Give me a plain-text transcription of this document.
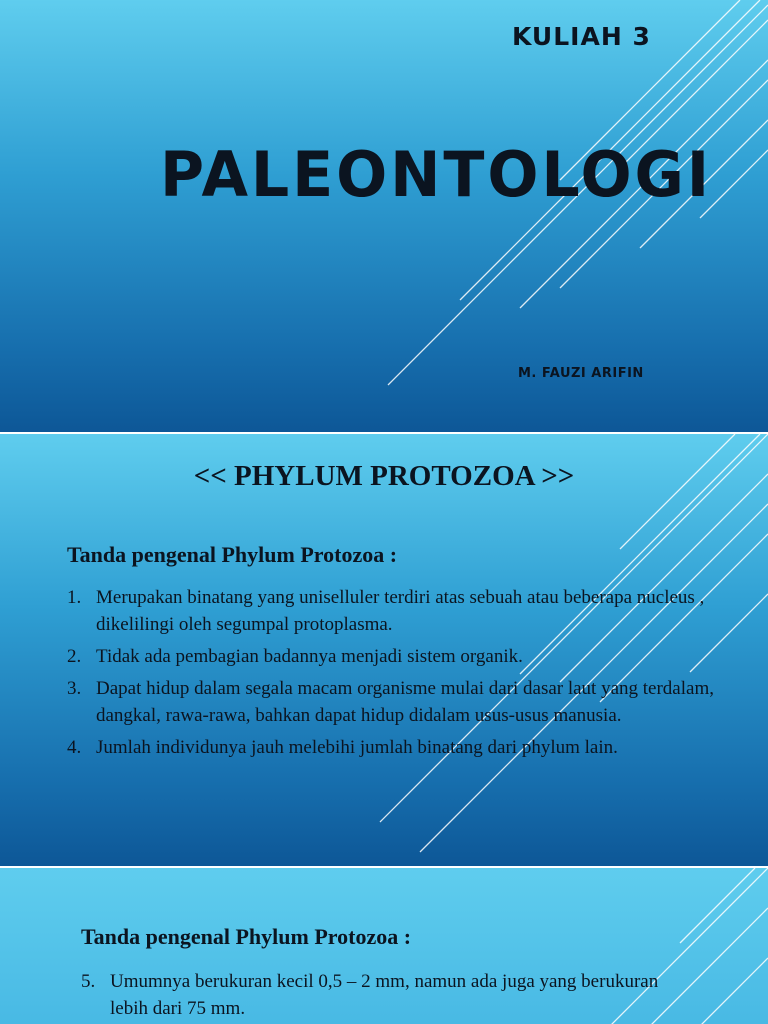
KULIAH 3
PALEONTOLOGI
M. FAUZI ARIFIN
<< PHYLUM PROTOZOA >>
Tanda pengenal Phylum Protozoa :
1. Merupakan binatang yang uniselluler terdiri atas sebuah atau beberapa nucleus , dikelilingi oleh segumpal protoplasma.
2. Tidak ada pembagian badannya menjadi sistem organik.
3. Dapat hidup dalam segala macam organisme mulai dari dasar laut yang terdalam, dangkal, rawa-rawa, bahkan dapat hidup didalam usus-usus manusia.
4. Jumlah individunya jauh melebihi jumlah binatang dari phylum lain.
Tanda pengenal Phylum Protozoa :
5. Umumnya berukuran kecil 0,5 – 2 mm, namun ada juga yang berukuran lebih dari 75 mm.
